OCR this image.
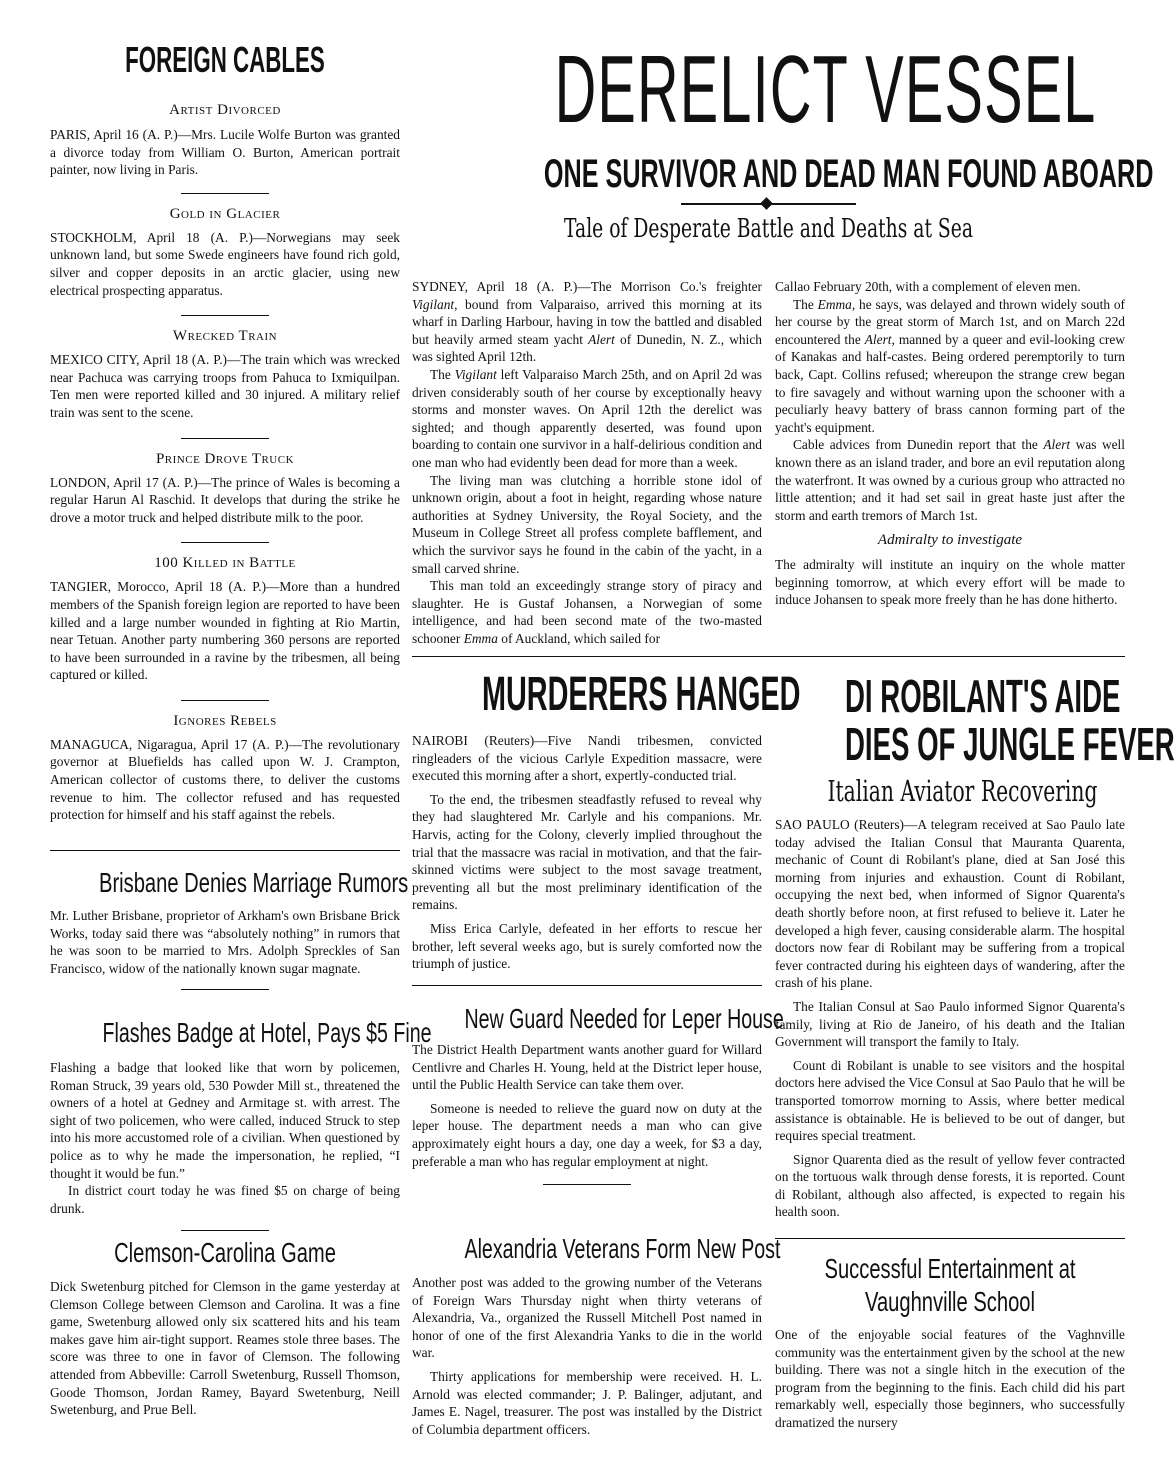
FOREIGN CABLES
Artist Divorced

PARIS, April 16 (A. P.)—Mrs. Lucile Wolfe Burton was granted a divorce today from William O. Burton, American portrait painter, now living in Paris.

Gold in Glacier

STOCKHOLM, April 18 (A. P.)—Norwegians may seek unknown land, but some Swede engineers have found rich gold, silver and copper deposits in an arctic glacier, using new electrical prospecting apparatus.

Wrecked Train

MEXICO CITY, April 18 (A. P.)—The train which was wrecked near Pachuca was carrying troops from Pahuca to Ixmiquilpan. Ten men were reported killed and 30 injured. A military relief train was sent to the scene.

Prince Drove Truck

LONDON, April 17 (A. P.)—The prince of Wales is becoming a regular Harun Al Raschid. It develops that during the strike he drove a motor truck and helped distribute milk to the poor.

100 Killed in Battle

TANGIER, Morocco, April 18 (A. P.)—More than a hundred members of the Spanish foreign legion are reported to have been killed and a large number wounded in fighting at Rio Martin, near Tetuan. Another party numbering 360 persons are reported to have been surrounded in a ravine by the tribesmen, all being captured or killed.

Ignores Rebels

MANAGUCA, Nigaragua, April 17 (A. P.)—The revolutionary governor at Bluefields has called upon W. J. Crampton, American collector of customs there, to deliver the customs revenue to him. The collector refused and has requested protection for himself and his staff against the rebels.

Brisbane Denies Marriage Rumors

Mr. Luther Brisbane, proprietor of Arkham's own Brisbane Brick Works, today said there was “absolutely nothing” in rumors that he was soon to be married to Mrs. Adolph Spreckles of San Francisco, widow of the nationally known sugar magnate.

Flashes Badge at Hotel, Pays $5 Fine

Flashing a badge that looked like that worn by policemen, Roman Struck, 39 years old, 530 Powder Mill st., threatened the owners of a hotel at Gedney and Armitage st. with arrest. The sight of two policemen, who were called, induced Struck to step into his more accustomed role of a civilian. When questioned by police as to why he made the impersonation, he replied, “I thought it would be fun.”

In district court today he was fined $5 on charge of being drunk.

Clemson-Carolina Game

Dick Swetenburg pitched for Clemson in the game yesterday at Clemson College between Clemson and Carolina. It was a fine game, Swetenburg allowed only six scattered hits and his team makes gave him air-tight support. Reames stole three bases. The score was three to one in favor of Clemson. The following attended from Abbeville: Carroll Swetenburg, Russell Thomson, Goode Thomson, Jordan Ramey, Bayard Swetenburg, Neill Swetenburg, and Prue Bell.

DERELICT VESSEL
ONE SURVIVOR AND DEAD MAN FOUND ABOARD
Tale of Desperate Battle and Deaths at Sea

SYDNEY, April 18 (A. P.)—The Morrison Co.'s freighter Vigilant, bound from Valparaiso, arrived this morning at its wharf in Darling Harbour, having in tow the battled and disabled but heavily armed steam yacht Alert of Dunedin, N. Z., which was sighted April 12th.

The Vigilant left Valparaiso March 25th, and on April 2d was driven considerably south of her course by exceptionally heavy storms and monster waves. On April 12th the derelict was sighted; and though apparently deserted, was found upon boarding to contain one survivor in a half-delirious condition and one man who had evidently been dead for more than a week.

The living man was clutching a horrible stone idol of unknown origin, about a foot in height, regarding whose nature authorities at Sydney University, the Royal Society, and the Museum in College Street all profess complete bafflement, and which the survivor says he found in the cabin of the yacht, in a small carved shrine.

This man told an exceedingly strange story of piracy and slaughter. He is Gustaf Johansen, a Norwegian of some intelligence, and had been second mate of the two-masted schooner Emma of Auckland, which sailed for

Callao February 20th, with a complement of eleven men.

The Emma, he says, was delayed and thrown widely south of her course by the great storm of March 1st, and on March 22d encountered the Alert, manned by a queer and evil-looking crew of Kanakas and half-castes. Being ordered peremptorily to turn back, Capt. Collins refused; whereupon the strange crew began to fire savagely and without warning upon the schooner with a peculiarly heavy battery of brass cannon forming part of the yacht's equipment.

Cable advices from Dunedin report that the Alert was well known there as an island trader, and bore an evil reputation along the waterfront. It was owned by a curious group who attracted no little attention; and it had set sail in great haste just after the storm and earth tremors of March 1st.

Admiralty to investigate

The admiralty will institute an inquiry on the whole matter beginning tomorrow, at which every effort will be made to induce Johansen to speak more freely than he has done hitherto.

MURDERERS HANGED

NAIROBI (Reuters)—Five Nandi tribesmen, convicted ringleaders of the vicious Carlyle Expedition massacre, were executed this morning after a short, expertly-conducted trial.

To the end, the tribesmen steadfastly refused to reveal why they had slaughtered Mr. Carlyle and his companions. Mr. Harvis, acting for the Colony, cleverly implied throughout the trial that the massacre was racial in motivation, and that the fair-skinned victims were subject to the most savage treatment, preventing all but the most preliminary identification of the remains.

Miss Erica Carlyle, defeated in her efforts to rescue her brother, left several weeks ago, but is surely comforted now the triumph of justice.

New Guard Needed for Leper House

The District Health Department wants another guard for Willard Centlivre and Charles H. Young, held at the District leper house, until the Public Health Service can take them over.

Someone is needed to relieve the guard now on duty at the leper house. The department needs a man who can give approximately eight hours a day, one day a week, for $3 a day, preferable a man who has regular employment at night.

Alexandria Veterans Form New Post

Another post was added to the growing number of the Veterans of Foreign Wars Thursday night when thirty veterans of Alexandria, Va., organized the Russell Mitchell Post named in honor of one of the first Alexandria Yanks to die in the world war.

Thirty applications for membership were received. H. L. Arnold was elected commander; J. P. Balinger, adjutant, and James E. Nagel, treasurer. The post was installed by the District of Columbia department officers.

DI ROBILANT'S AIDE
DIES OF JUNGLE FEVER
Italian Aviator Recovering

SAO PAULO (Reuters)—A telegram received at Sao Paulo late today advised the Italian Consul that Mauranta Quarenta, mechanic of Count di Robilant's plane, died at San José this morning from injuries and exhaustion. Count di Robilant, occupying the next bed, when informed of Signor Quarenta's death shortly before noon, at first refused to believe it. Later he developed a high fever, causing considerable alarm. The hospital doctors now fear di Robilant may be suffering from a tropical fever contracted during his eighteen days of wandering, after the crash of his plane.

The Italian Consul at Sao Paulo informed Signor Quarenta's family, living at Rio de Janeiro, of his death and the Italian Government will transport the family to Italy.

Count di Robilant is unable to see visitors and the hospital doctors here advised the Vice Consul at Sao Paulo that he will be transported tomorrow morning to Assis, where better medical assistance is obtainable. He is believed to be out of danger, but requires special treatment.

Signor Quarenta died as the result of yellow fever contracted on the tortuous walk through dense forests, it is reported. Count di Robilant, although also affected, is expected to regain his health soon.

Successful Entertainment at
Vaughnville School

One of the enjoyable social features of the Vaghnville community was the entertainment given by the school at the new building. There was not a single hitch in the execution of the program from the beginning to the finis. Each child did his part remarkably well, especially those beginners, who successfully dramatized the nursery
